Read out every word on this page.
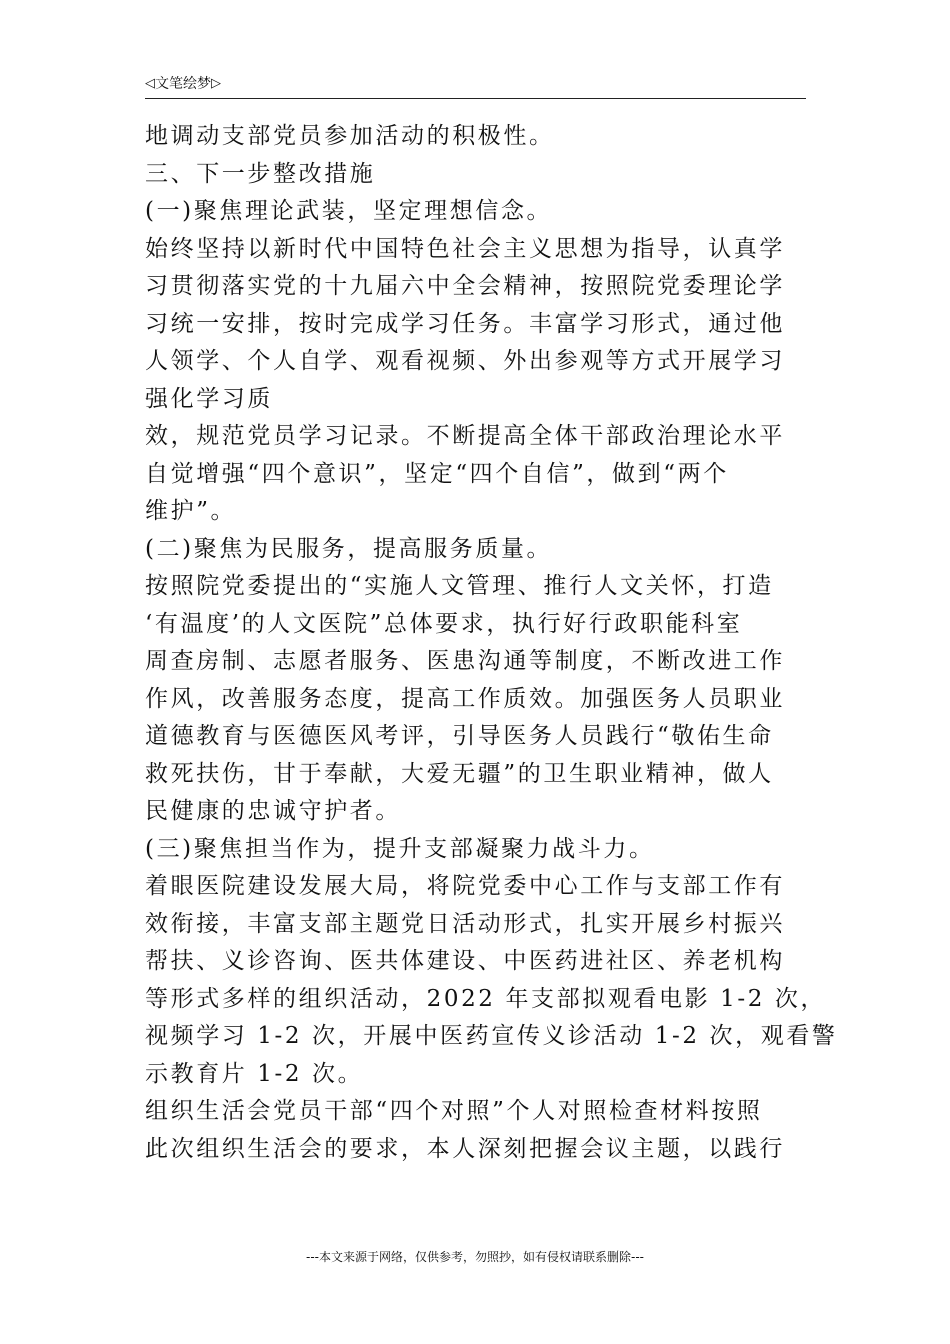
◁文笔绘梦▷
地调动支部党员参加活动的积极性。
三、下一步整改措施
(一)聚焦理论武装，坚定理想信念。
始终坚持以新时代中国特色社会主义思想为指导，认真学
习贯彻落实党的十九届六中全会精神，按照院党委理论学
习统一安排，按时完成学习任务。丰富学习形式，通过他
人领学、个人自学、观看视频、外出参观等方式开展学习
强化学习质
效，规范党员学习记录。不断提高全体干部政治理论水平
自觉增强“四个意识”，坚定“四个自信”，做到“两个
维护”。
(二)聚焦为民服务，提高服务质量。
按照院党委提出的“实施人文管理、推行人文关怀，打造
‘有温度’的人文医院”总体要求，执行好行政职能科室
周查房制、志愿者服务、医患沟通等制度，不断改进工作
作风，改善服务态度，提高工作质效。加强医务人员职业
道德教育与医德医风考评，引导医务人员践行“敬佑生命
救死扶伤，甘于奉献，大爱无疆”的卫生职业精神，做人
民健康的忠诚守护者。
(三)聚焦担当作为，提升支部凝聚力战斗力。
着眼医院建设发展大局，将院党委中心工作与支部工作有
效衔接，丰富支部主题党日活动形式，扎实开展乡村振兴
帮扶、义诊咨询、医共体建设、中医药进社区、养老机构
等形式多样的组织活动，2022 年支部拟观看电影 1-2 次，
视频学习 1-2 次，开展中医药宣传义诊活动 1-2 次，观看警
示教育片 1-2 次。
组织生活会党员干部“四个对照”个人对照检查材料按照
此次组织生活会的要求，本人深刻把握会议主题，以践行
---本文来源于网络，仅供参考，勿照抄，如有侵权请联系删除---
